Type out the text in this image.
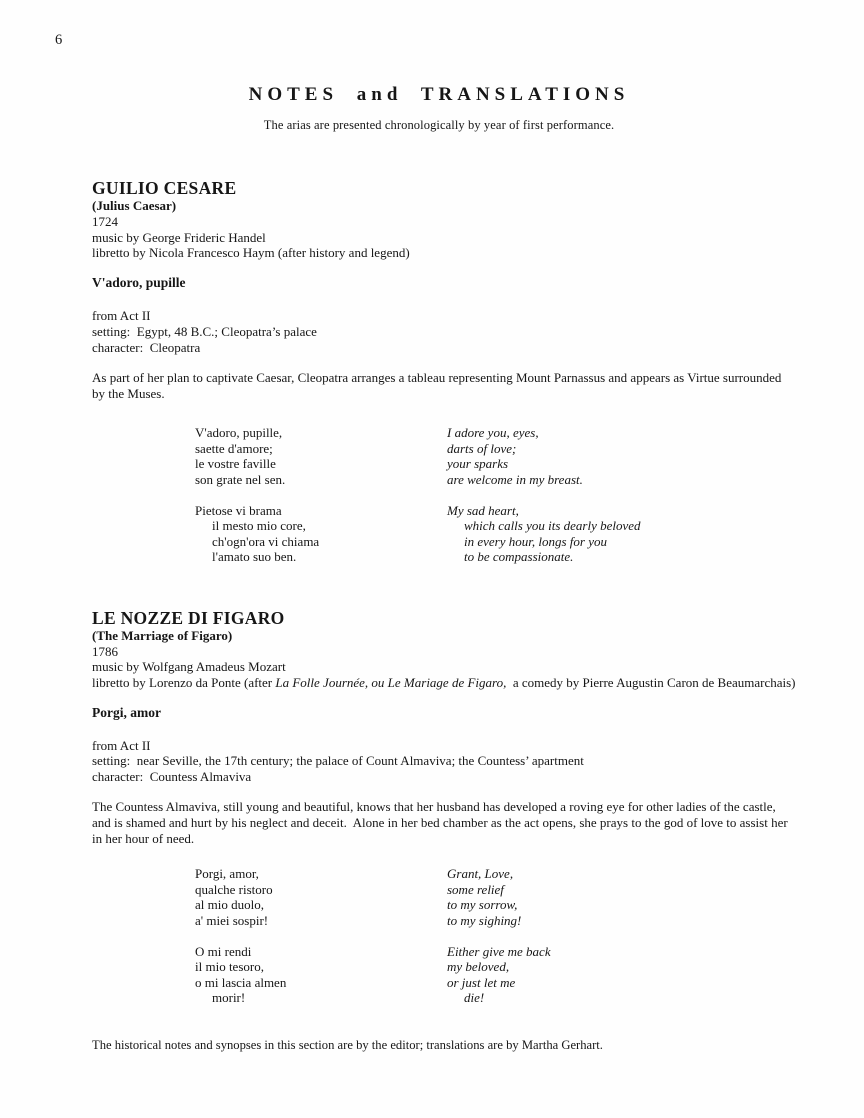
6
NOTES and TRANSLATIONS
The arias are presented chronologically by year of first performance.
GUILIO CESARE
(Julius Caesar)
1724
music by George Frideric Handel
libretto by Nicola Francesco Haym (after history and legend)
V'adoro, pupille
from Act II
setting:  Egypt, 48 B.C.; Cleopatra’s palace
character:  Cleopatra

As part of her plan to captivate Caesar, Cleopatra arranges a tableau representing Mount Parnassus and appears as Virtue surrounded by the Muses.

V'adoro, pupille,
saette d'amore;
le vostre faville
son grate nel sen.
Pietose vi brama
il mesto mio core,
ch'ogn'ora vi chiama
l'amato suo ben.
I adore you, eyes,
darts of love;
your sparks
are welcome in my breast.
My sad heart,
which calls you its dearly beloved
in every hour, longs for you
to be compassionate.
LE NOZZE DI FIGARO
(The Marriage of Figaro)
1786
music by Wolfgang Amadeus Mozart
libretto by Lorenzo da Ponte (after La Folle Journée, ou Le Mariage de Figaro,  a comedy by Pierre Augustin Caron de Beaumarchais)
Porgi, amor
from Act II
setting:  near Seville, the 17th century; the palace of Count Almaviva; the Countess’ apartment
character:  Countess Almaviva

The Countess Almaviva, still young and beautiful, knows that her husband has developed a roving eye for other ladies of the castle, and is shamed and hurt by his neglect and deceit.  Alone in her bed chamber as the act opens, she prays to the god of love to assist her in her hour of need.

Porgi, amor,
qualche ristoro
al mio duolo,
a' miei sospir!
O mi rendi
il mio tesoro,
o mi lascia almen
morir!
Grant, Love,
some relief
to my sorrow,
to my sighing!
Either give me back
my beloved,
or just let me
die!
The historical notes and synopses in this section are by the editor; translations are by Martha Gerhart.
